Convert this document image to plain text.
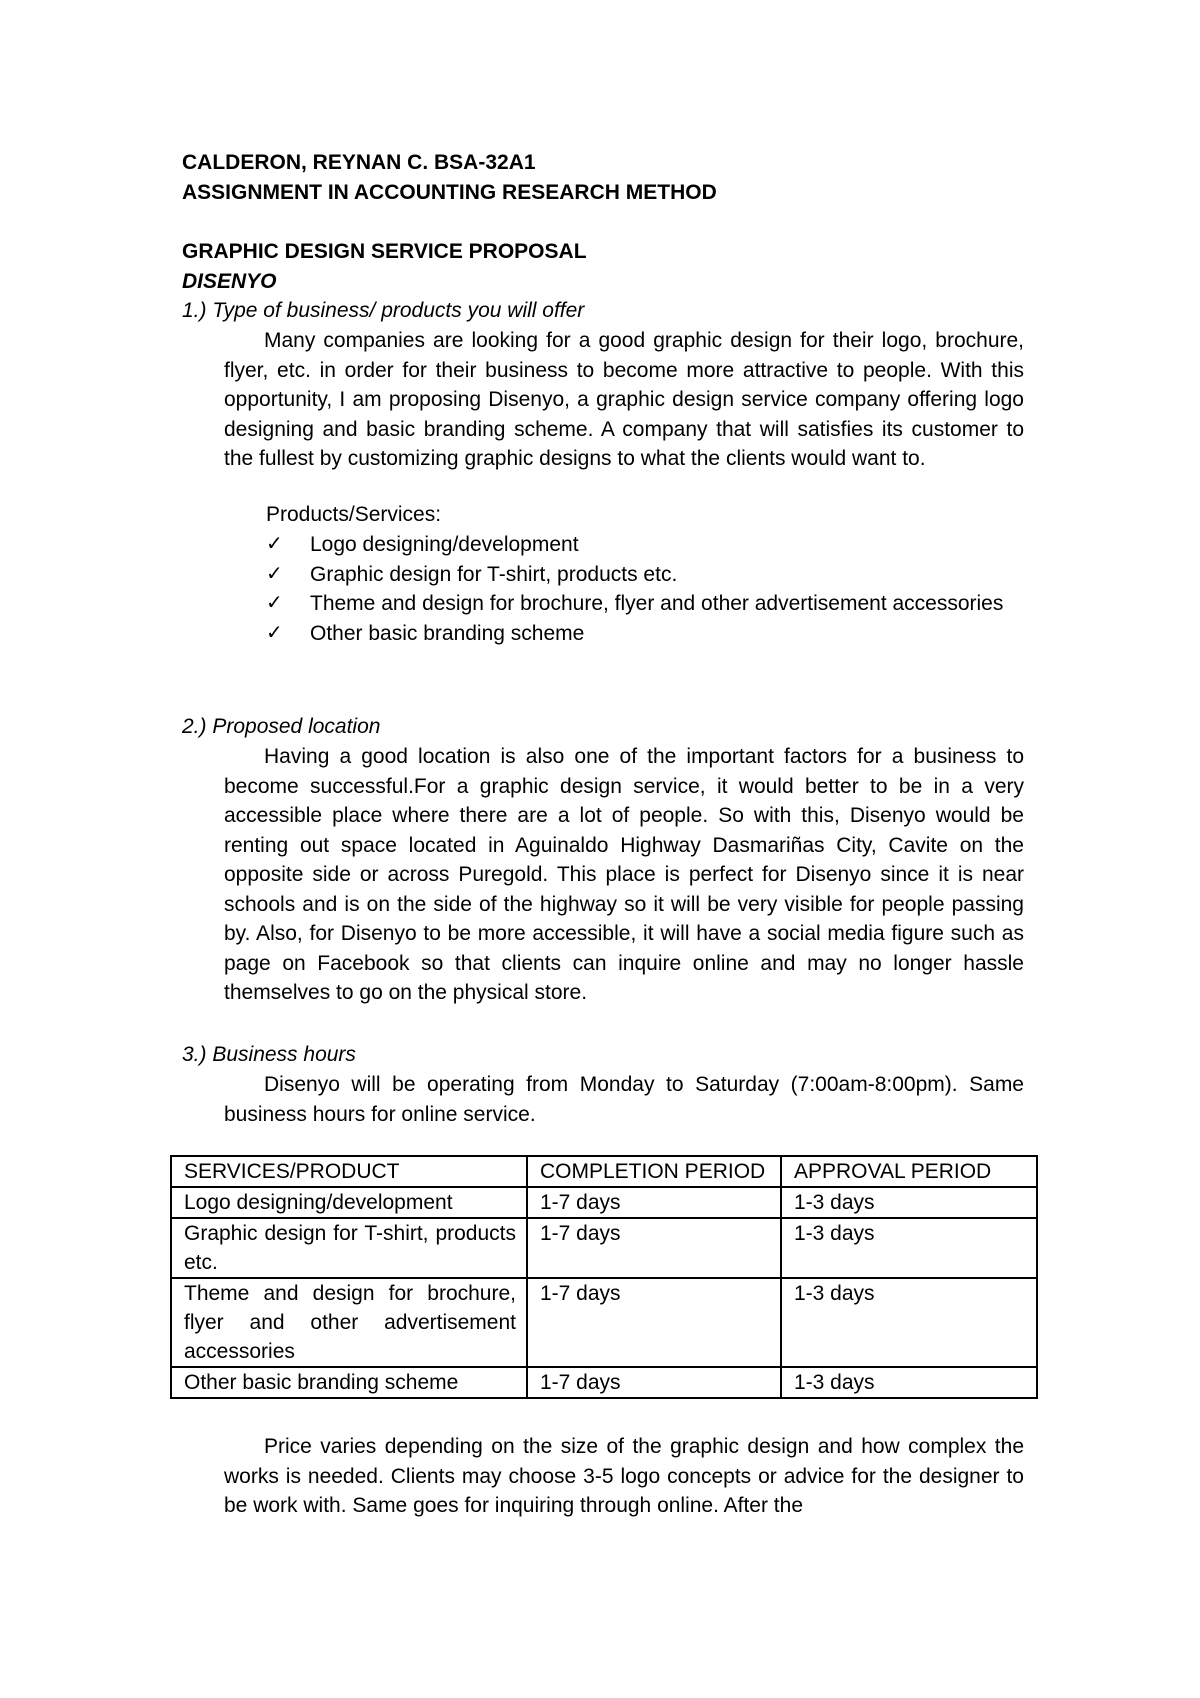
CALDERON, REYNAN C. BSA-32A1
ASSIGNMENT IN ACCOUNTING RESEARCH METHOD
GRAPHIC DESIGN SERVICE PROPOSAL
DISENYO
1.) Type of business/ products you will offer

Many companies are looking for a good graphic design for their logo, brochure, flyer, etc. in order for their business to become more attractive to people. With this opportunity, I am proposing Disenyo, a graphic design service company offering logo designing and basic branding scheme. A company that will satisfies its customer to the fullest by customizing graphic designs to what the clients would want to.

Products/Services:
✓	Logo designing/development
✓	Graphic design for T-shirt, products etc.
✓	Theme and design for brochure, flyer and other advertisement accessories
✓	Other basic branding scheme
2.) Proposed location

Having a good location is also one of the important factors for a business to become successful.For a graphic design service, it would better to be in a very accessible place where there are a lot of people. So with this, Disenyo would be renting out space located in Aguinaldo Highway Dasmariñas City, Cavite on the opposite side or across Puregold. This place is perfect for Disenyo since it is near schools and is on the side of the highway so it will be very visible for people passing by. Also, for Disenyo to be more accessible, it will have a social media figure such as page on Facebook so that clients can inquire online and may no longer hassle themselves to go on the physical store.

3.) Business hours

Disenyo will be operating from Monday to Saturday (7:00am-8:00pm). Same business hours for online service.

SERVICES/PRODUCT	COMPLETION PERIOD	APPROVAL PERIOD
Logo designing/development	1-7 days	1-3 days
Graphic design for T-shirt, products etc.	1-7 days	1-3 days
Theme and design for brochure, flyer and other advertisement accessories	1-7 days	1-3 days
Other basic branding scheme	1-7 days	1-3 days

Price varies depending on the size of the graphic design and how complex the works is needed. Clients may choose 3-5 logo concepts or advice for the designer to be work with. Same goes for inquiring through online. After the
